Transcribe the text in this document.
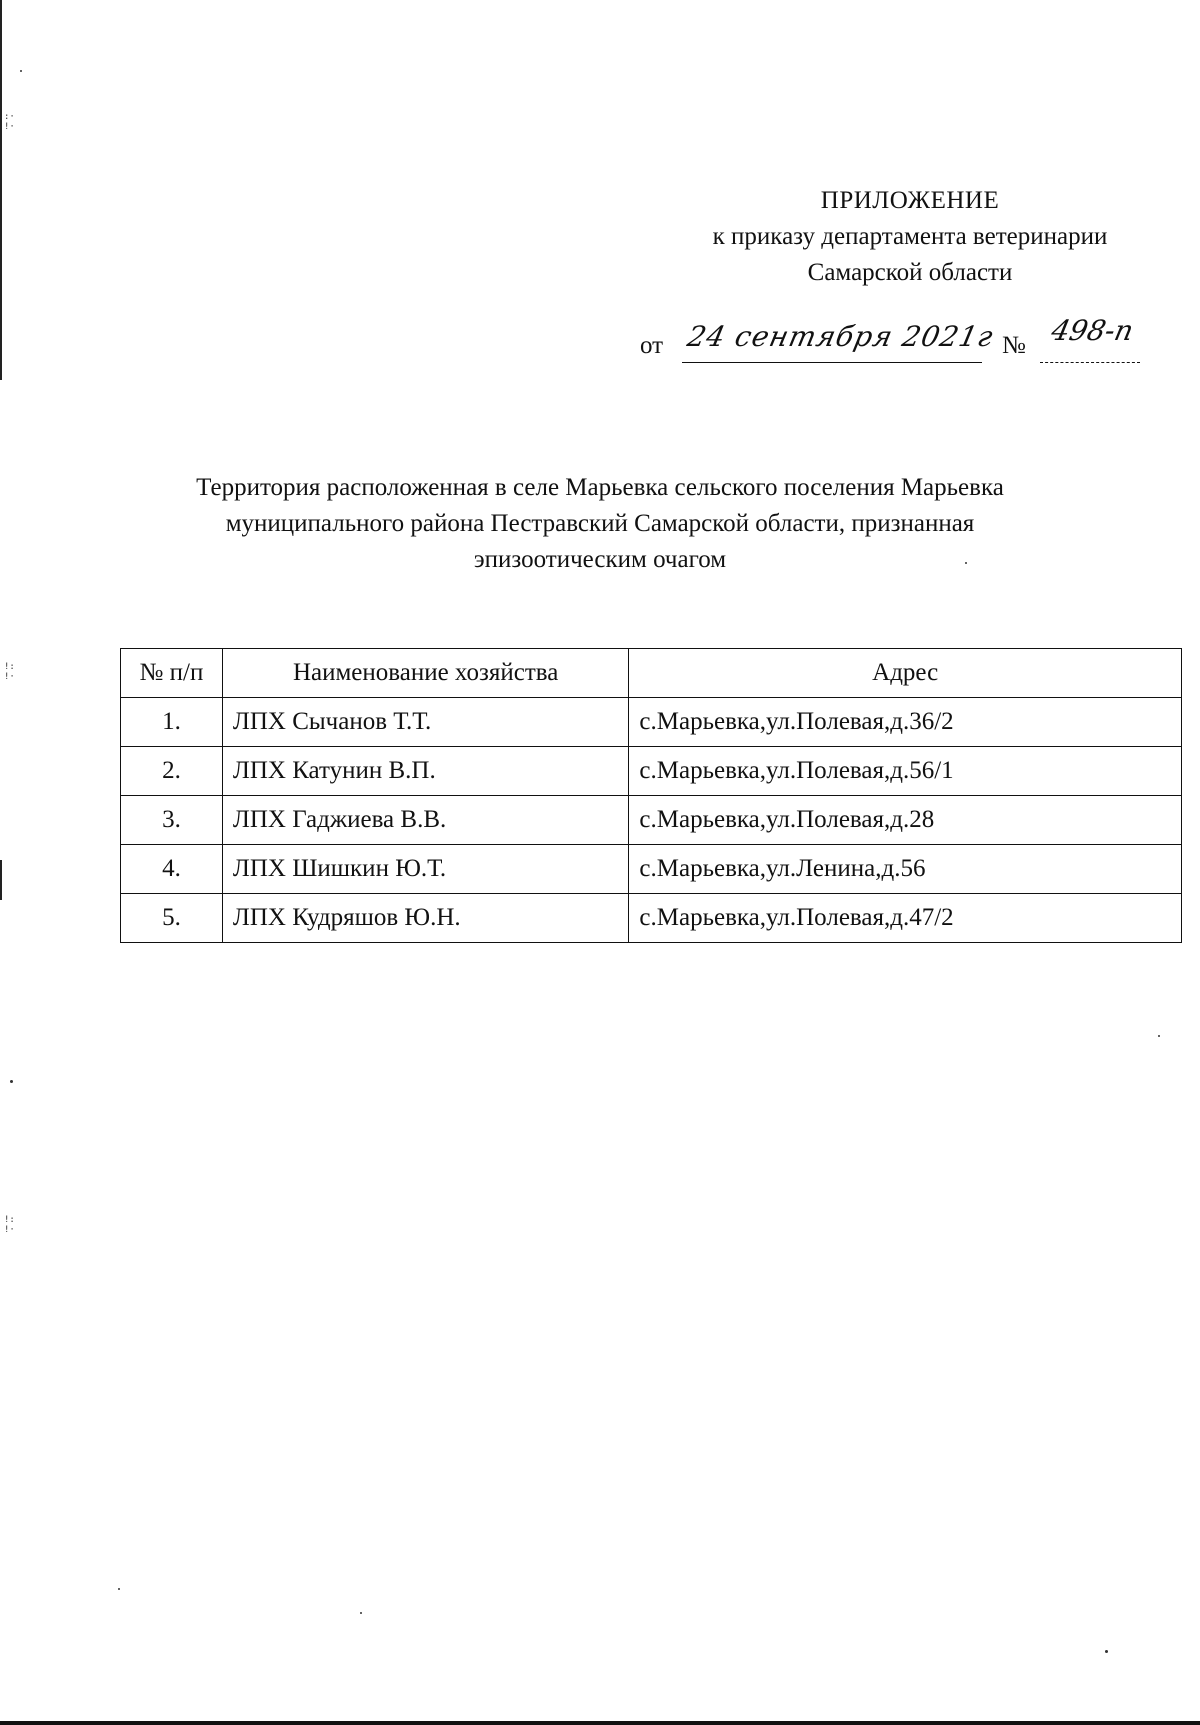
:·
!·
!:
!·
!:
!·
ПРИЛОЖЕНИЕ
к приказу департамента ветеринарии
Самарской области
от 24 сентября 2021г № 498-п
Территория расположенная в селе Марьевка сельского поселения Марьевка
муниципального района Пестравский Самарской области, признанная
эпизоотическим очагом
№ п/п	Наименование хозяйства	Адрес
1.	ЛПХ Сычанов Т.Т.	с.Марьевка,ул.Полевая,д.36/2
2.	ЛПХ Катунин В.П.	с.Марьевка,ул.Полевая,д.56/1
3.	ЛПХ Гаджиева В.В.	с.Марьевка,ул.Полевая,д.28
4.	ЛПХ Шишкин Ю.Т.	с.Марьевка,ул.Ленина,д.56
5.	ЛПХ Кудряшов Ю.Н.	с.Марьевка,ул.Полевая,д.47/2
